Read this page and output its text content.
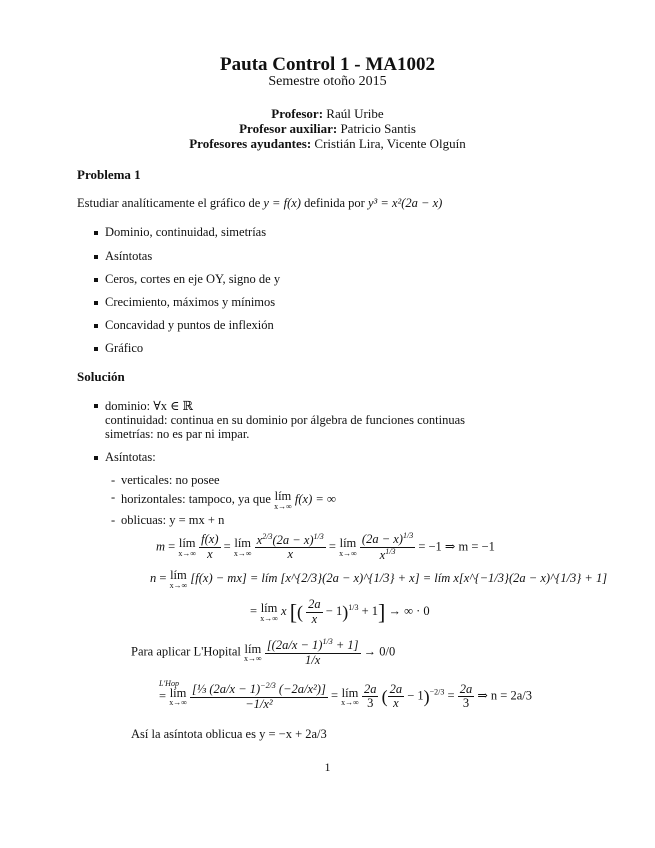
Pauta Control 1 - MA1002
Semestre otoño 2015
Profesor: Raúl Uribe
Profesor auxiliar: Patricio Santis
Profesores ayudantes: Cristián Lira, Vicente Olguín
Problema 1
Estudiar analíticamente el gráfico de y = f(x) definida por y³ = x²(2a − x)
Dominio, continuidad, simetrías
Asíntotas
Ceros, cortes en eje OY, signo de y
Crecimiento, máximos y mínimos
Concavidad y puntos de inflexión
Gráfico
Solución
dominio: ∀x ∈ ℝ
Asíntotas:
continuidad: continua en su dominio por álgebra de funciones continuas
simetrías: no es par ni impar.
- verticales: no posee
- horizontales: tampoco, ya que lím
x→∞ f(x) = ∞
- oblicuas: y = mx + n
m = lím
x→∞
$\frac{f(x)}{x}$ = lím
x→∞
$\frac{x^{2/3}(2a - x)^{1/3}}{x}$ = lím
x→∞
$\frac{(2a - x)^{1/3}}{x^{1/3}} = -1$ ⇒ m = −1
n = lím
x→∞ [f(x) − mx] = lím [x^{2/3}(2a − x)^{1/3} + x] = lím x[x^{−1/3}(2a − x)^{1/3} + 1]
= lím
x→∞ x [( $\frac{2a}{x} - 1)^{1/3} + 1$] → ∞ · 0
Para aplicar L'Hopital lím
x→∞
$\frac{[(2a/x - 1)^{1/3} + 1]}{1/x} \to 0/0$
L'Hop
= lím
x→∞
$\frac{[\frac{1}{3} (2a/x - 1)^{-2/3} (-2a/x^2)]}{\text{−1/x²}}$ = lím
x→∞
$\frac{2a}{3}$ ( $\frac{2a}{x} - 1)^{-2/3} = \frac{2a}{3}$ ⇒ n = 2a/3
Así la asíntota oblicua es y = −x + 2a/3
1
